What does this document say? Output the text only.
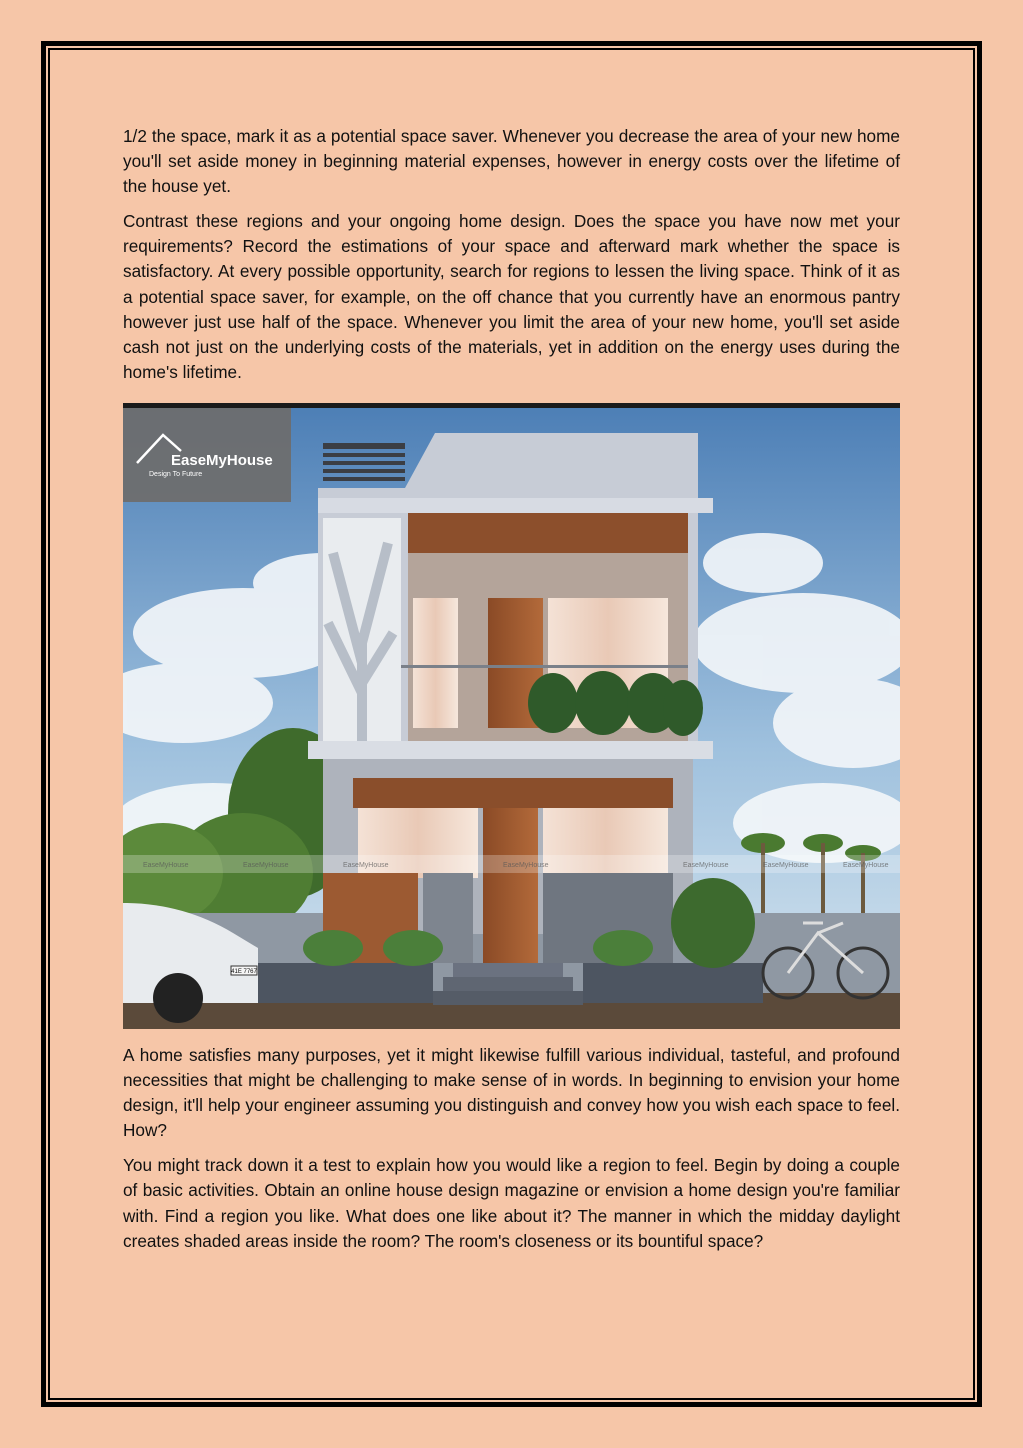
1/2 the space, mark it as a potential space saver. Whenever you decrease the area of your new home you'll set aside money in beginning material expenses, however in energy costs over the lifetime of the house yet.

Contrast these regions and your ongoing home design. Does the space you have now met your requirements? Record the estimations of your space and afterward mark whether the space is satisfactory. At every possible opportunity, search for regions to lessen the living space. Think of it as a potential space saver, for example, on the off chance that you currently have an enormous pantry however just use half of the space. Whenever you limit the area of your new home, you'll set aside cash not just on the underlying costs of the materials, yet in addition on the energy uses during the home's lifetime.

41E 7767
EaseMyHouse	EaseMyHouse	EaseMyHouse	EaseMyHouse	EaseMyHouse	EaseMyHouse	EaseMyHouse
EaseMyHouse
Design To Future

A home satisfies many purposes, yet it might likewise fulfill various individual, tasteful, and profound necessities that might be challenging to make sense of in words. In beginning to envision your home design, it'll help your engineer assuming you distinguish and convey how you wish each space to feel. How?

You might track down it a test to explain how you would like a region to feel. Begin by doing a couple of basic activities. Obtain an online house design magazine or envision a home design you're familiar with. Find a region you like. What does one like about it? The manner in which the midday daylight creates shaded areas inside the room? The room's closeness or its bountiful space?
